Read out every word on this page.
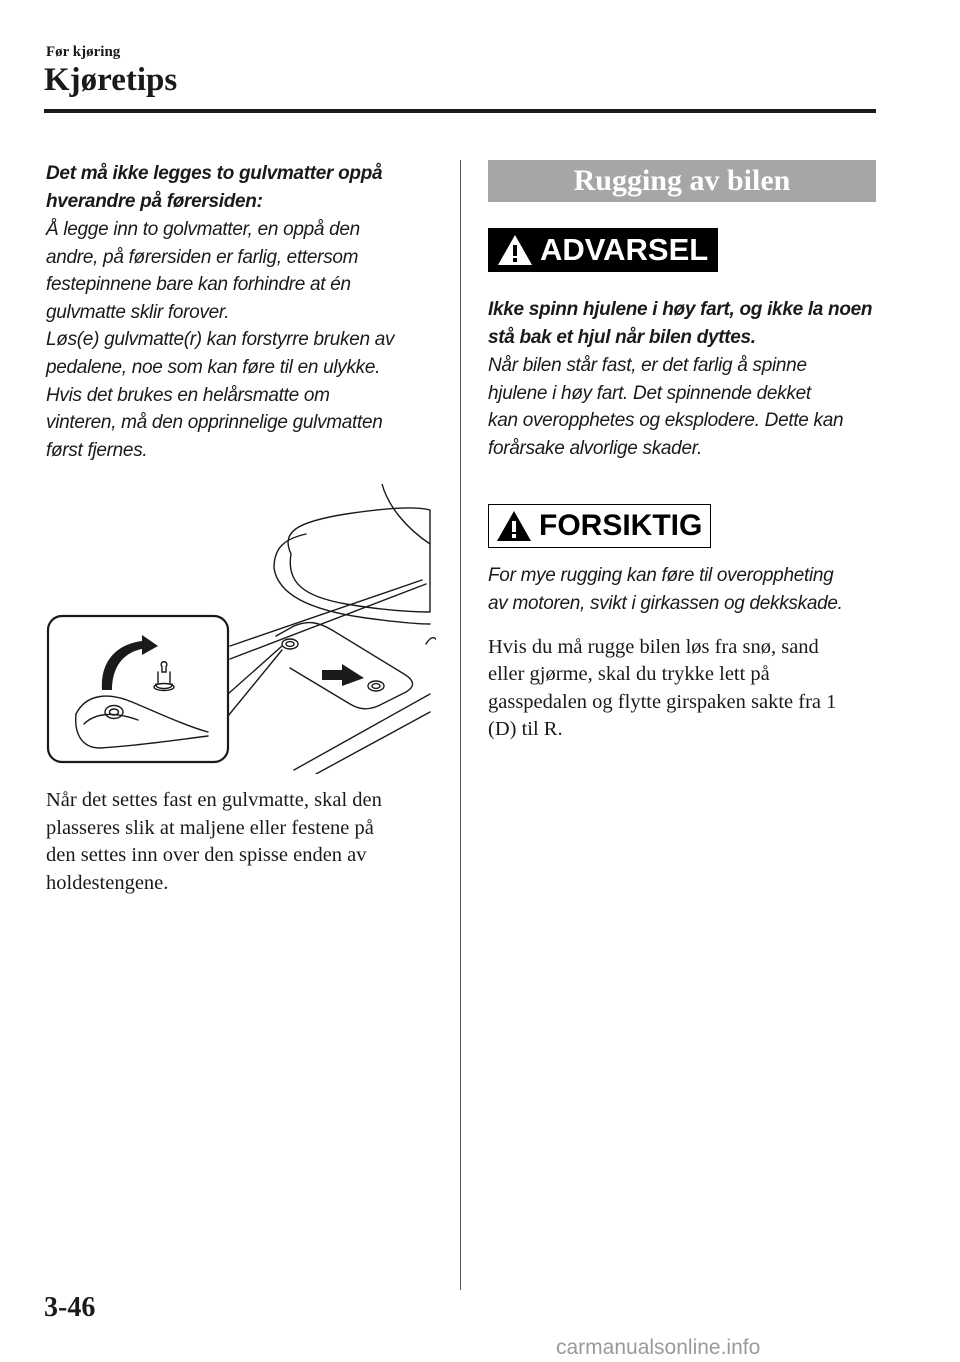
Før kjøring
Kjøretips
Det må ikke legges to gulvmatter oppå
hverandre på førersiden:

Å legge inn to golvmatter, en oppå den

andre, på førersiden er farlig, ettersom

festepinnene bare kan forhindre at én

gulvmatte sklir forover.

Løs(e) gulvmatte(r) kan forstyrre bruken av

pedalene, noe som kan føre til en ulykke.

Hvis det brukes en helårsmatte om

vinteren, må den opprinnelige gulvmatten

først fjernes.

Når det settes fast en gulvmatte, skal den
plasseres slik at maljene eller festene på
den settes inn over den spisse enden av
holdestengene.
Rugging av bilen
ADVARSEL
Ikke spinn hjulene i høy fart, og ikke la noen
stå bak et hjul når bilen dyttes.

Når bilen står fast, er det farlig å spinne

hjulene i høy fart. Det spinnende dekket

kan overopphetes og eksplodere. Dette kan

forårsake alvorlige skader.

FORSIKTIG

For mye rugging kan føre til overoppheting

av motoren, svikt i girkassen og dekkskade.

Hvis du må rugge bilen løs fra snø, sand
eller gjørme, skal du trykke lett på
gasspedalen og flytte girspaken sakte fra 1
(D) til R.
3-46
carmanualsonline.info
